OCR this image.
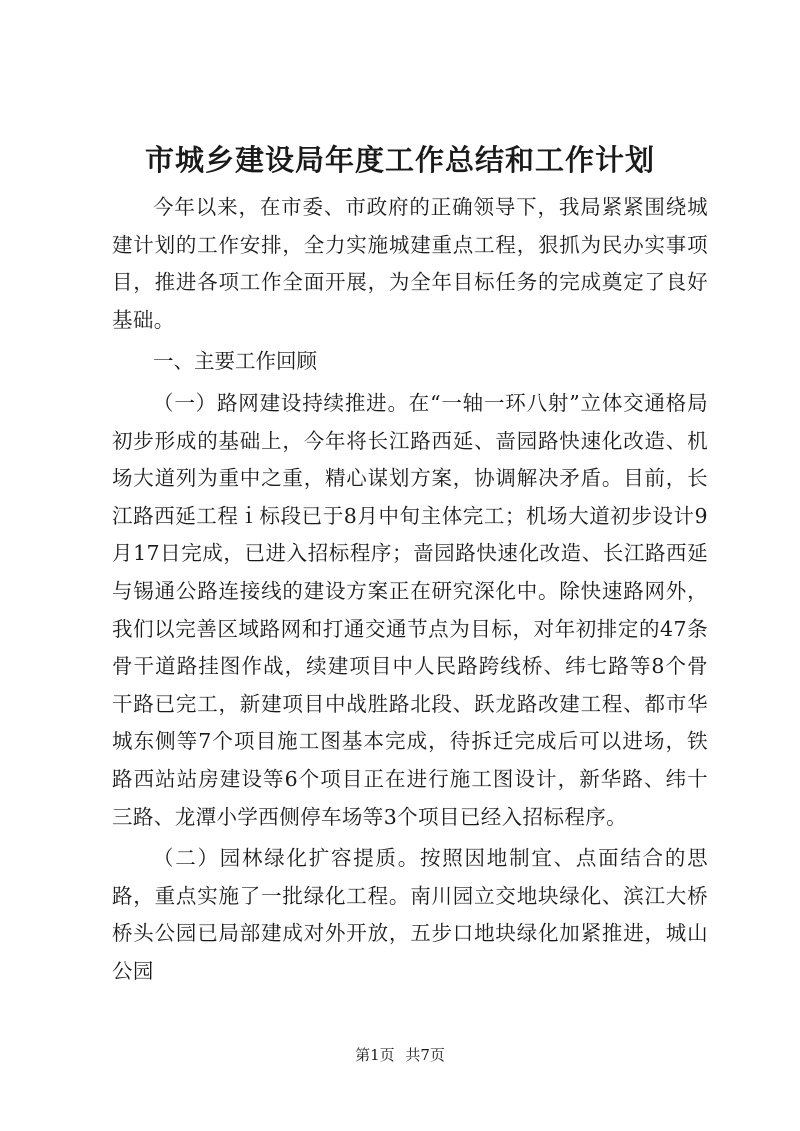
市城乡建设局年度工作总结和工作计划

今年以来，在市委、市政府的正确领导下，我局紧紧围绕城建计划的工作安排，全力实施城建重点工程，狠抓为民办实事项目，推进各项工作全面开展，为全年目标任务的完成奠定了良好基础。

一、主要工作回顾

（一）路网建设持续推进。在“一轴一环八射”立体交通格局初步形成的基础上，今年将长江路西延、啬园路快速化改造、机场大道列为重中之重，精心谋划方案，协调解决矛盾。目前，长江路西延工程ｉ标段已于8月中旬主体完工；机场大道初步设计9月17日完成，已进入招标程序；啬园路快速化改造、长江路西延与锡通公路连接线的建设方案正在研究深化中。除快速路网外，我们以完善区域路网和打通交通节点为目标，对年初排定的47条骨干道路挂图作战，续建项目中人民路跨线桥、纬七路等8个骨干路已完工，新建项目中战胜路北段、跃龙路改建工程、都市华城东侧等7个项目施工图基本完成，待拆迁完成后可以进场，铁路西站站房建设等6个项目正在进行施工图设计，新华路、纬十三路、龙潭小学西侧停车场等3个项目已经入招标程序。

（二）园林绿化扩容提质。按照因地制宜、点面结合的思路，重点实施了一批绿化工程。南川园立交地块绿化、滨江大桥桥头公园已局部建成对外开放，五步口地块绿化加紧推进，城山公园

第1页 共7页
